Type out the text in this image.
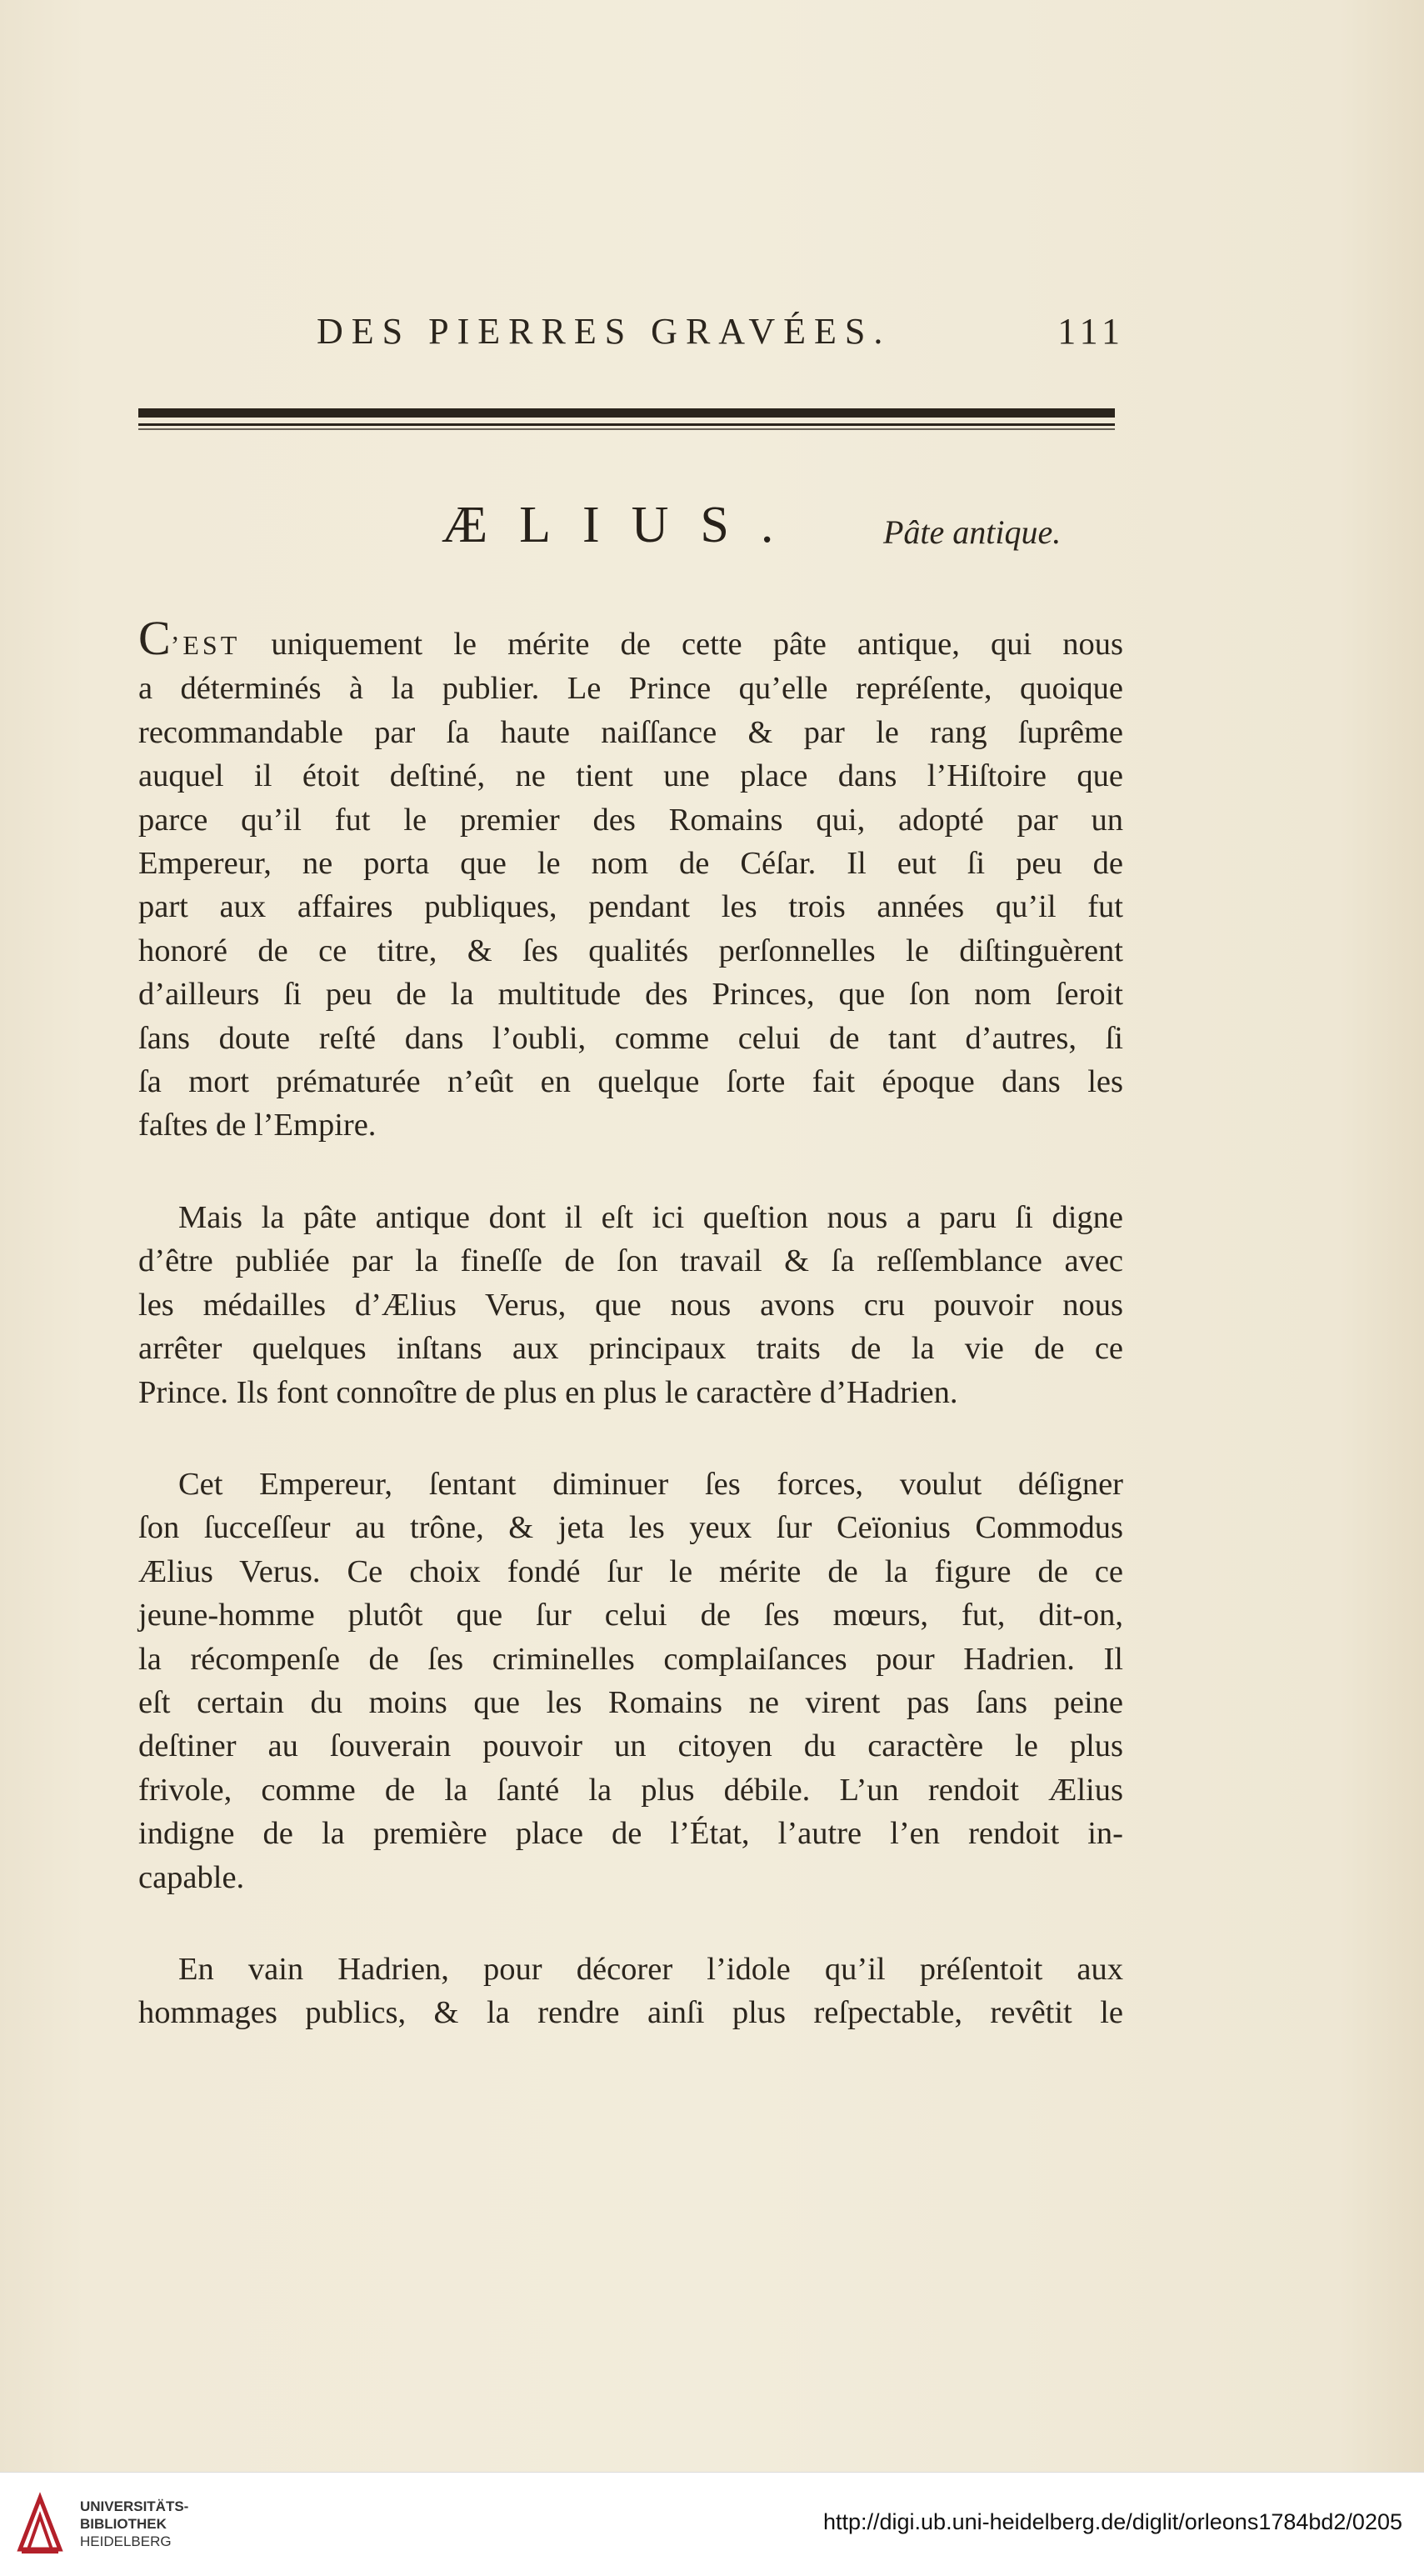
DES PIERRES GRAVÉES.	111
ÆLIUS. Pâte antique.

C’EST uniquement le mérite de cette pâte antique, qui nous
a déterminés à la publier. Le Prince qu’elle repréſente, quoique
recommandable par ſa haute naiſſance & par le rang ſuprême
auquel il étoit deſtiné, ne tient une place dans l’Hiſtoire que
parce qu’il fut le premier des Romains qui, adopté par un
Empereur, ne porta que le nom de Céſar. Il eut ſi peu de
part aux affaires publiques, pendant les trois années qu’il fut
honoré de ce titre, & ſes qualités perſonnelles le diſtinguèrent
d’ailleurs ſi peu de la multitude des Princes, que ſon nom ſeroit
ſans doute reſté dans l’oubli, comme celui de tant d’autres, ſi
ſa mort prématurée n’eût en quelque ſorte fait époque dans les
faſtes de l’Empire.

Mais la pâte antique dont il eſt ici queſtion nous a paru ſi digne
d’être publiée par la fineſſe de ſon travail & ſa reſſemblance avec
les médailles d’Ælius Verus, que nous avons cru pouvoir nous
arrêter quelques inſtans aux principaux traits de la vie de ce
Prince. Ils font connoître de plus en plus le caractère d’Hadrien.

Cet Empereur, ſentant diminuer ſes forces, voulut déſigner
ſon ſucceſſeur au trône, & jeta les yeux ſur Ceïonius Commodus
Ælius Verus. Ce choix fondé ſur le mérite de la figure de ce
jeune-homme plutôt que ſur celui de ſes mœurs, fut, dit-on,
la récompenſe de ſes criminelles complaiſances pour Hadrien. Il
eſt certain du moins que les Romains ne virent pas ſans peine
deſtiner au ſouverain pouvoir un citoyen du caractère le plus
frivole, comme de la ſanté la plus débile. L’un rendoit Ælius
indigne de la première place de l’État, l’autre l’en rendoit in-
capable.

En vain Hadrien, pour décorer l’idole qu’il préſentoit aux
hommages publics, & la rendre ainſi plus reſpectable, revêtit le

UNIVERSITÄTS-
BIBLIOTHEK
HEIDELBERG
http://digi.ub.uni-heidelberg.de/diglit/orleons1784bd2/0205
